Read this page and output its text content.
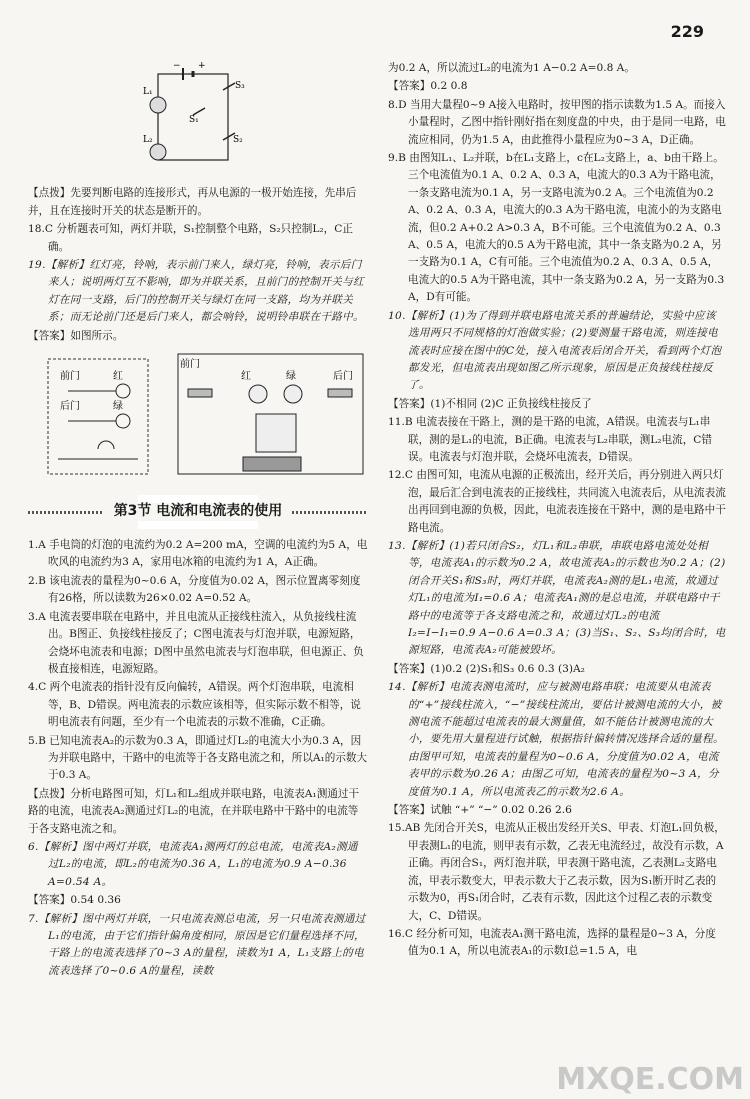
229
− +
L₁
L₂
S₁
S₂
S₃

【点拨】先要判断电路的连接形式，再从电源的一极开始连接，先串后并，且在连接时开关的状态是断开的。

18.C 分析题表可知，两灯并联，S₁控制整个电路，S₂只控制L₂，C正确。

19.【解析】红灯亮，铃响，表示前门来人，绿灯亮，铃响，表示后门来人；说明两灯互不影响，即为并联关系，且前门的控制开关与红灯在同一支路，后门的控制开关与绿灯在同一支路，均为并联关系；而无论前门还是后门来人，都会响铃，说明铃串联在干路中。

【答案】如图所示。

前门	红
后门	绿
前门
红	绿	后门
第3节 电流和电流表的使用

1.A 手电筒的灯泡的电流约为0.2 A=200 mA，空调的电流约为5 A，电吹风的电流约为3 A，家用电冰箱的电流约为1 A，A正确。

2.B 该电流表的量程为0~0.6 A，分度值为0.02 A，图示位置离零刻度有26格，所以读数为26×0.02 A=0.52 A。

3.A 电流表要串联在电路中，并且电流从正接线柱流入，从负接线柱流出。B图正、负接线柱接反了；C图电流表与灯泡并联，电源短路，会烧坏电流表和电源；D图中虽然电流表与灯泡串联，但电源正、负极直接相连，电源短路。

4.C 两个电流表的指针没有反向偏转，A错误。两个灯泡串联，电流相等，B、D错误。两电流表的示数应该相等，但实际示数不相等，说明电流表有问题，至少有一个电流表的示数不准确，C正确。

5.B 已知电流表A₂的示数为0.3 A，即通过灯L₂的电流大小为0.3 A，因为并联电路中，干路中的电流等于各支路电流之和，所以A₁的示数大于0.3 A。

【点拨】分析电路图可知，灯L₁和L₂组成并联电路，电流表A₁测通过干路的电流，电流表A₂测通过灯L₂的电流，在并联电路中干路中的电流等于各支路电流之和。

6.【解析】图中两灯并联，电流表A₁测两灯的总电流，电流表A₂测通过L₂的电流，即L₂的电流为0.36 A，L₁的电流为0.9 A−0.36 A=0.54 A。

【答案】0.54 0.36

7.【解析】图中两灯并联，一只电流表测总电流，另一只电流表测通过L₁的电流，由于它们指针偏角度相同，原因是它们量程选择不同，干路上的电流表选择了0~3 A的量程，读数为1 A，L₁支路上的电流表选择了0~0.6 A的量程，读数

为0.2 A，所以流过L₂的电流为1 A−0.2 A=0.8 A。

【答案】0.2 0.8

8.D 当用大量程0~9 A接入电路时，按甲图的指示读数为1.5 A。而接入小量程时，乙图中指针刚好指在刻度盘的中央，由于是同一电路，电流应相同，仍为1.5 A，由此推得小量程应为0~3 A，D正确。

9.B 由图知L₁、L₂并联，b在L₁支路上，c在L₂支路上，a、b由干路上。三个电流值为0.1 A、0.2 A、0.3 A，电流大的0.3 A为干路电流，一条支路电流为0.1 A，另一支路电流为0.2 A。三个电流值为0.2 A、0.2 A、0.3 A，电流大的0.3 A为干路电流，电流小的为支路电流，但0.2 A+0.2 A>0.3 A，B不可能。三个电流值为0.2 A、0.3 A、0.5 A，电流大的0.5 A为干路电流，其中一条支路为0.2 A，另一支路为0.1 A，C有可能。三个电流值为0.2 A、0.3 A、0.5 A，电流大的0.5 A为干路电流，其中一条支路为0.2 A，另一支路为0.3 A，D有可能。

10.【解析】(1)为了得到并联电路电流关系的普遍结论，实验中应该选用两只不同规格的灯泡做实验；(2)要测量干路电流，则连接电流表时应接在图中的C处，接入电流表后闭合开关，看到两个灯泡都发光，但电流表出现如图乙所示现象，原因是正负接线柱接反了。

【答案】(1)不相同 (2)C 正负接线柱接反了

11.B 电流表接在干路上，测的是干路的电流，A错误。电流表与L₁串联，测的是L₁的电流，B正确。电流表与L₂串联，测L₂电流，C错误。电流表与灯泡并联，会烧坏电流表，D错误。

12.C 由图可知，电流从电源的正极流出，经开关后，再分别进入两只灯泡，最后汇合到电流表的正接线柱，共同流入电流表后，从电流表流出再回到电源的负极，因此，电流表连接在干路中，测的是电路中干路电流。

13.【解析】(1)若只闭合S₂，灯L₁和L₂串联，串联电路电流处处相等，电流表A₁的示数为0.2 A，故电流表A₂的示数也为0.2 A；(2)闭合开关S₁和S₃时，两灯并联，电流表A₂测的是L₁电流，故通过灯L₁的电流为I₁=0.6 A；电流表A₁测的是总电流，并联电路中干路中的电流等于各支路电流之和，故通过灯L₂的电流I₂=I−I₁=0.9 A−0.6 A=0.3 A；(3)当S₁、S₂、S₃均闭合时，电源短路，电流表A₂可能被毁坏。

【答案】(1)0.2 (2)S₁和S₃ 0.6 0.3 (3)A₂

14.【解析】电流表测电流时，应与被测电路串联；电流要从电流表的“+”接线柱流入，“−”接线柱流出，要估计被测电流的大小，被测电流不能超过电流表的最大测量值，如不能估计被测电流的大小，要先用大量程进行试触，根据指针偏转情况选择合适的量程。由图甲可知，电流表的量程为0~0.6 A，分度值为0.02 A，电流表甲的示数为0.26 A；由图乙可知，电流表的量程为0~3 A，分度值为0.1 A，所以电流表乙的示数为2.6 A。

【答案】试触 “+” “−” 0.02 0.26 2.6

15.AB 先闭合开关S，电流从正极出发经开关S、甲表、灯泡L₁回负极，甲表测L₁的电流，则甲表有示数，乙表无电流经过，故没有示数，A正确。再闭合S₁，两灯泡并联，甲表测干路电流，乙表测L₂支路电流，甲表示数变大，甲表示数大于乙表示数，因为S₁断开时乙表的示数为0，再S₁闭合时，乙表有示数，因此这个过程乙表的示数变大，C、D错误。

16.C 经分析可知，电流表A₁测干路电流，选择的量程是0~3 A，分度值为0.1 A，所以电流表A₁的示数I总=1.5 A，电

MXQE.COM
